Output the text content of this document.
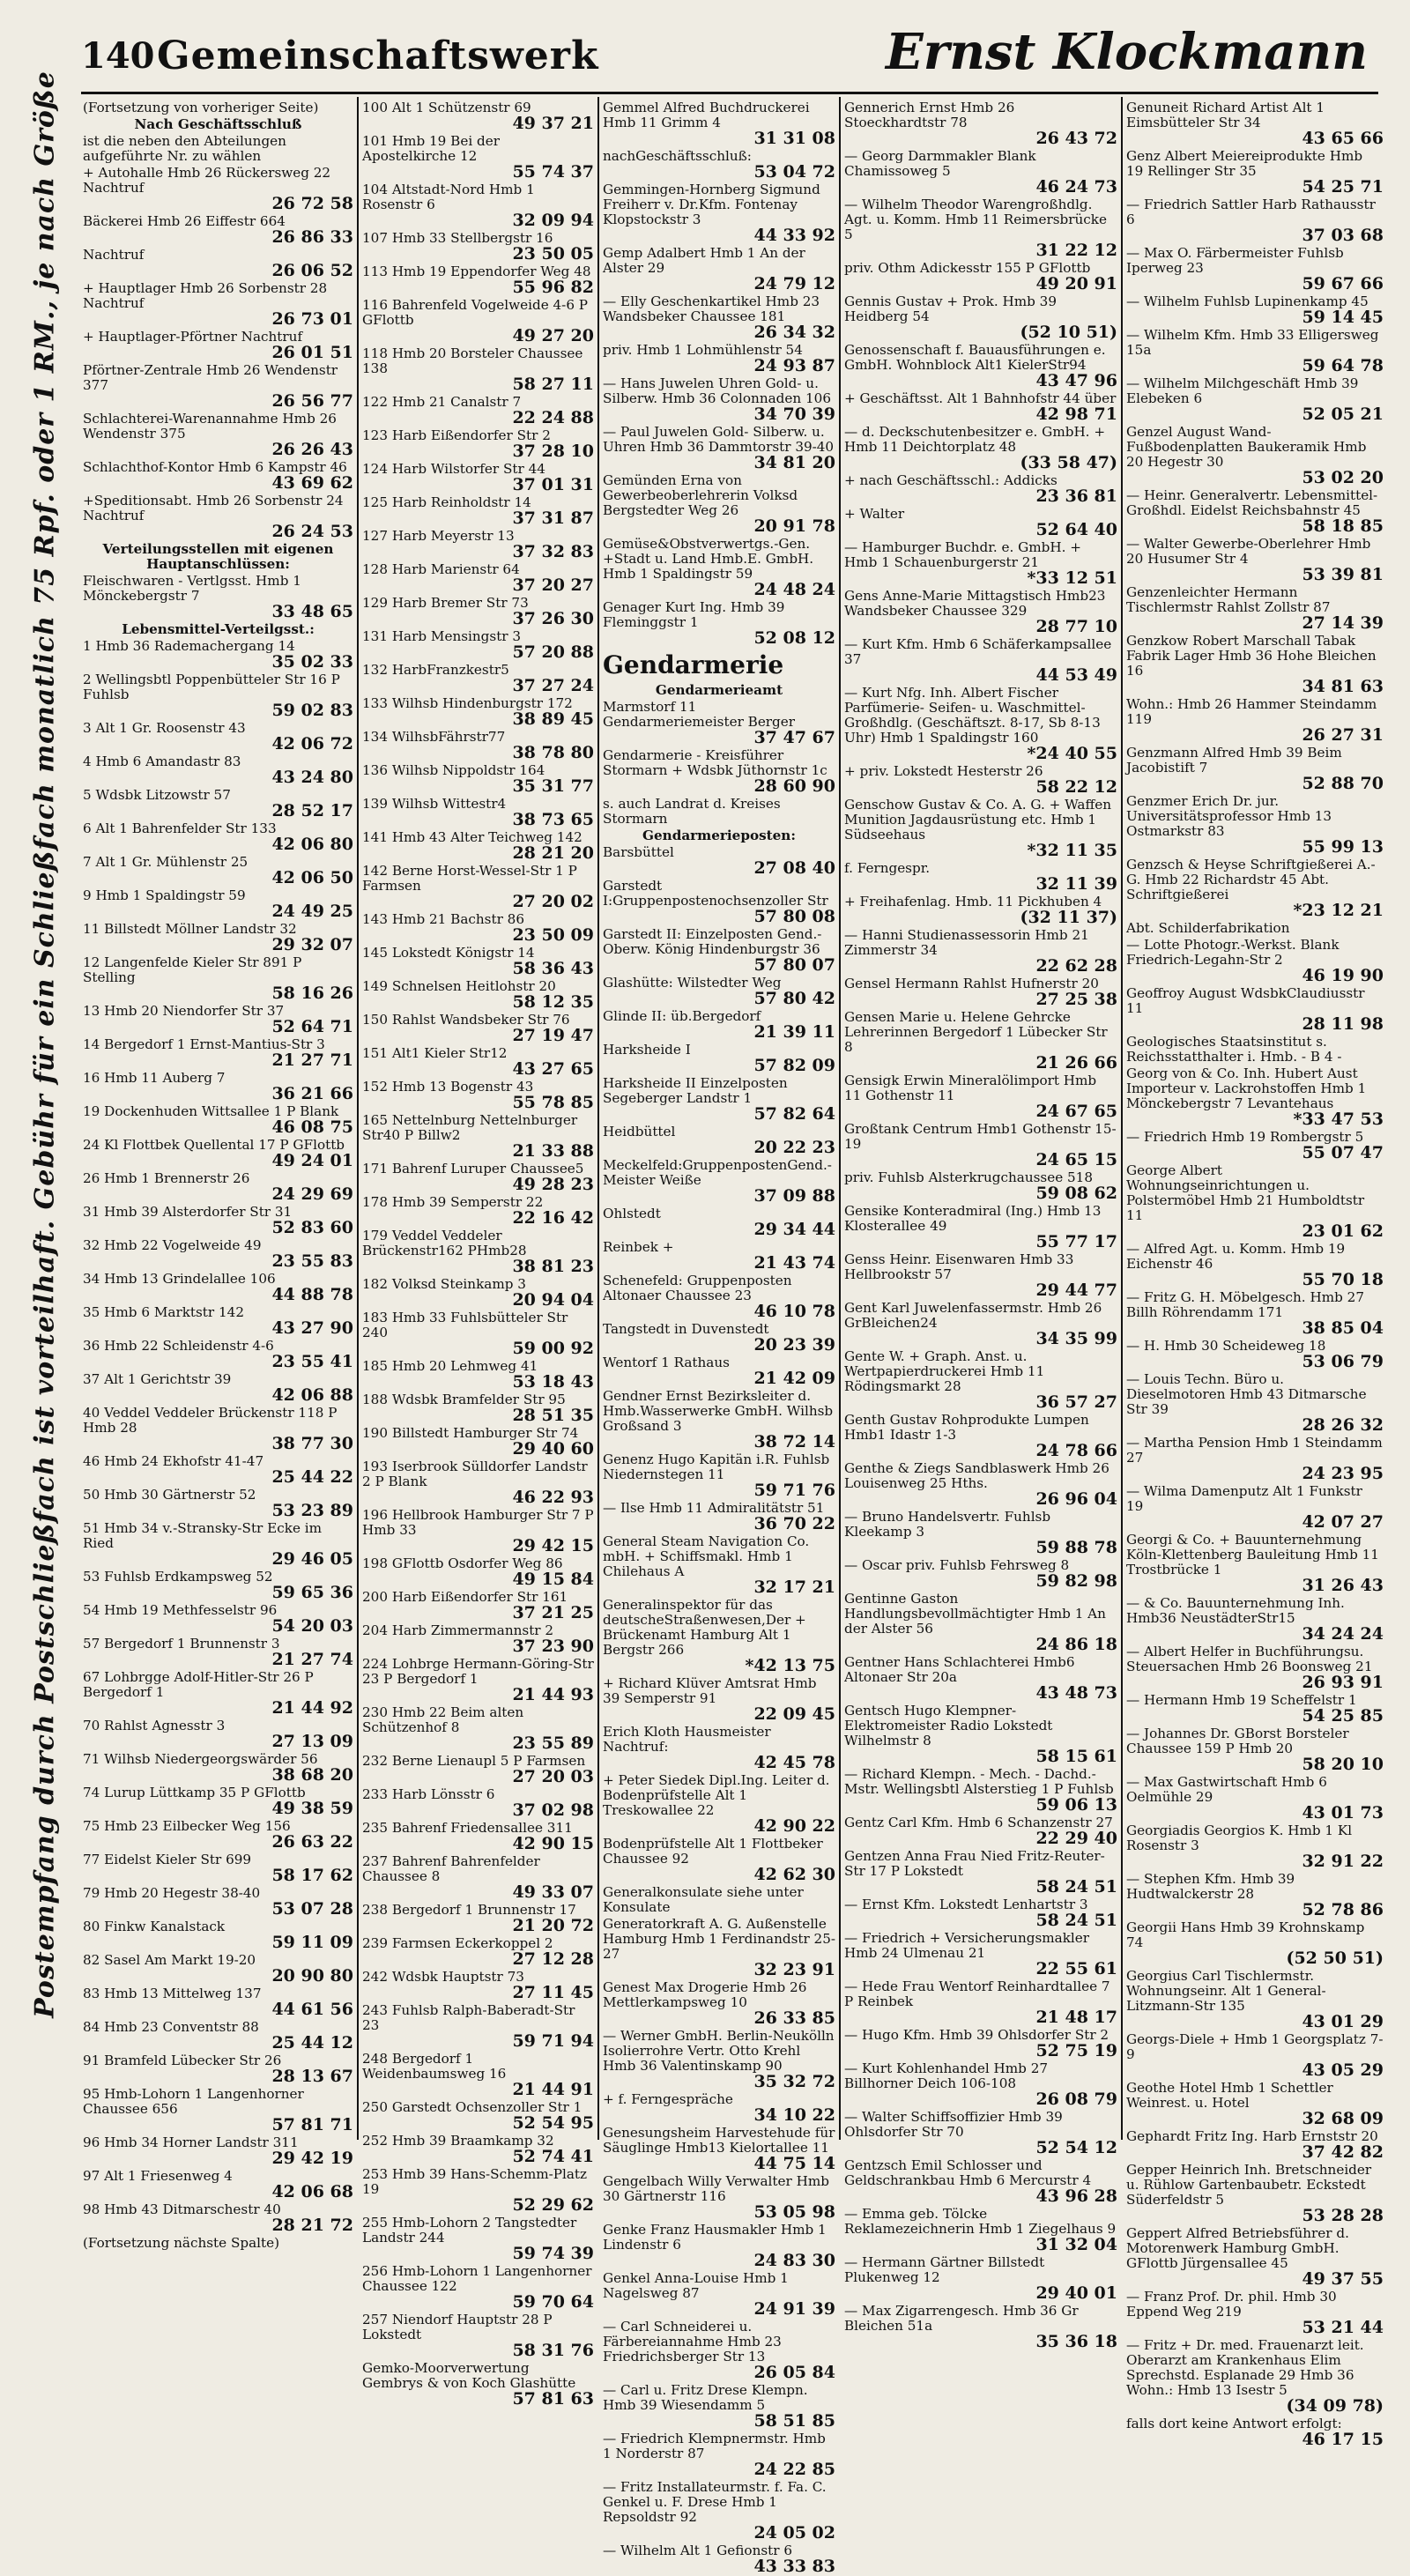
140 Gemeinschaftswerk	Ernst Klockmann
Postempfang durch Postschließfach ist vorteilhaft. Gebühr für ein Schließfach monatlich 75 Rpf. oder 1 RM., je nach Größe (Fortsetzung von vorheriger Seite)
Nach Geschäftsschluß
ist die neben den Abteilungen aufgeführte Nr. zu wählen
+ Autohalle Hmb 26 Rückersweg 22 Nachtruf
26 72 58
Bäckerei Hmb 26 Eiffestr 664
26 86 33
Nachtruf
26 06 52
+ Hauptlager Hmb 26 Sorbenstr 28 Nachtruf
26 73 01
+ Hauptlager-Pförtner Nachtruf
26 01 51
Pförtner-Zentrale Hmb 26 Wendenstr 377
26 56 77
Schlachterei-Warenannahme Hmb 26 Wendenstr 375
26 26 43
Schlachthof-Kontor Hmb 6 Kampstr 46
43 69 62
+Speditionsabt. Hmb 26 Sorbenstr 24 Nachtruf
26 24 53
Verteilungsstellen mit eigenen Hauptanschlüssen:
Fleischwaren - Vertlgsst. Hmb 1 Mönckebergstr 7
33 48 65
Lebensmittel-Verteilgsst.:
1 Hmb 36 Rademachergang 14
35 02 33
2 Wellingsbtl Poppenbütteler Str 16 P Fuhlsb
59 02 83
3 Alt 1 Gr. Roosenstr 43
42 06 72
4 Hmb 6 Amandastr 83
43 24 80
5 Wdsbk Litzowstr 57
28 52 17
6 Alt 1 Bahrenfelder Str 133
42 06 80
7 Alt 1 Gr. Mühlenstr 25
42 06 50
9 Hmb 1 Spaldingstr 59
24 49 25
11 Billstedt Möllner Landstr 32
29 32 07
12 Langenfelde Kieler Str 891 P Stelling
58 16 26
13 Hmb 20 Niendorfer Str 37
52 64 71
14 Bergedorf 1 Ernst-Mantius-Str 3
21 27 71
16 Hmb 11 Auberg 7
36 21 66
19 Dockenhuden Wittsallee 1 P Blank
46 08 75
24 Kl Flottbek Quellental 17 P GFlottb
49 24 01
26 Hmb 1 Brennerstr 26
24 29 69
31 Hmb 39 Alsterdorfer Str 31
52 83 60
32 Hmb 22 Vogelweide 49
23 55 83
34 Hmb 13 Grindelallee 106
44 88 78
35 Hmb 6 Marktstr 142
43 27 90
36 Hmb 22 Schleidenstr 4-6
23 55 41
37 Alt 1 Gerichtstr 39
42 06 88
40 Veddel Veddeler Brückenstr 118 P Hmb 28
38 77 30
46 Hmb 24 Ekhofstr 41-47
25 44 22
50 Hmb 30 Gärtnerstr 52
53 23 89
51 Hmb 34 v.-Stransky-Str Ecke im Ried
29 46 05
53 Fuhlsb Erdkampsweg 52
59 65 36
54 Hmb 19 Methfesselstr 96
54 20 03
57 Bergedorf 1 Brunnenstr 3
21 27 74
67 Lohbrgge Adolf-Hitler-Str 26 P Bergedorf 1
21 44 92
70 Rahlst Agnesstr 3
27 13 09
71 Wilhsb Niedergeorgswärder 56
38 68 20
74 Lurup Lüttkamp 35 P GFlottb
49 38 59
75 Hmb 23 Eilbecker Weg 156
26 63 22
77 Eidelst Kieler Str 699
58 17 62
79 Hmb 20 Hegestr 38-40
53 07 28
80 Finkw Kanalstack
59 11 09
82 Sasel Am Markt 19-20
20 90 80
83 Hmb 13 Mittelweg 137
44 61 56
84 Hmb 23 Conventstr 88
25 44 12
91 Bramfeld Lübecker Str 26
28 13 67
95 Hmb-Lohorn 1 Langenhorner Chaussee 656
57 81 71
96 Hmb 34 Horner Landstr 311
29 42 19
97 Alt 1 Friesenweg 4
42 06 68
98 Hmb 43 Ditmarschestr 40
28 21 72
(Fortsetzung nächste Spalte)
100 Alt 1 Schützenstr 69
49 37 21
101 Hmb 19 Bei der Apostelkirche 12
55 74 37
104 Altstadt-Nord Hmb 1 Rosenstr 6
32 09 94
107 Hmb 33 Stellbergstr 16
23 50 05
113 Hmb 19 Eppendorfer Weg 48
55 96 82
116 Bahrenfeld Vogelweide 4-6 P GFlottb
49 27 20
118 Hmb 20 Borsteler Chaussee 138
58 27 11
122 Hmb 21 Canalstr 7
22 24 88
123 Harb Eißendorfer Str 2
37 28 10
124 Harb Wilstorfer Str 44
37 01 31
125 Harb Reinholdstr 14
37 31 87
127 Harb Meyerstr 13
37 32 83
128 Harb Marienstr 64
37 20 27
129 Harb Bremer Str 73
37 26 30
131 Harb Mensingstr 3
57 20 88
132 HarbFranzkestr5
37 27 24
133 Wilhsb Hindenburgstr 172
38 89 45
134 WilhsbFährstr77
38 78 80
136 Wilhsb Nippoldstr 164
35 31 77
139 Wilhsb Wittestr4
38 73 65
141 Hmb 43 Alter Teichweg 142
28 21 20
142 Berne Horst-Wessel-Str 1 P Farmsen
27 20 02
143 Hmb 21 Bachstr 86
23 50 09
145 Lokstedt Königstr 14
58 36 43
149 Schnelsen Heitlohstr 20
58 12 35
150 Rahlst Wandsbeker Str 76
27 19 47
151 Alt1 Kieler Str12
43 27 65
152 Hmb 13 Bogenstr 43
55 78 85
165 Nettelnburg Nettelnburger Str40 P Billw2
21 33 88
171 Bahrenf Luruper Chaussee5
49 28 23
178 Hmb 39 Semperstr 22
22 16 42
179 Veddel Veddeler Brückenstr162 PHmb28
38 81 23
182 Volksd Steinkamp 3
20 94 04
183 Hmb 33 Fuhlsbütteler Str 240
59 00 92
185 Hmb 20 Lehmweg 41
53 18 43
188 Wdsbk Bramfelder Str 95
28 51 35
190 Billstedt Hamburger Str 74
29 40 60
193 Iserbrook Sülldorfer Landstr 2 P Blank
46 22 93
196 Hellbrook Hamburger Str 7 P Hmb 33
29 42 15
198 GFlottb Osdorfer Weg 86
49 15 84
200 Harb Eißendorfer Str 161
37 21 25
204 Harb Zimmermannstr 2
37 23 90
224 Lohbrge Hermann-Göring-Str 23 P Bergedorf 1
21 44 93
230 Hmb 22 Beim alten Schützenhof 8
23 55 89
232 Berne Lienaupl 5 P Farmsen
27 20 03
233 Harb Lönsstr 6
37 02 98
235 Bahrenf Friedensallee 311
42 90 15
237 Bahrenf Bahrenfelder Chaussee 8
49 33 07
238 Bergedorf 1 Brunnenstr 17
21 20 72
239 Farmsen Eckerkoppel 2
27 12 28
242 Wdsbk Hauptstr 73
27 11 45
243 Fuhlsb Ralph-Baberadt-Str 23
59 71 94
248 Bergedorf 1 Weidenbaumsweg 16
21 44 91
250 Garstedt Ochsenzoller Str 1
52 54 95
252 Hmb 39 Braamkamp 32
52 74 41
253 Hmb 39 Hans-Schemm-Platz 19
52 29 62
255 Hmb-Lohorn 2 Tangstedter Landstr 244
59 74 39
256 Hmb-Lohorn 1 Langenhorner Chaussee 122
59 70 64
257 Niendorf Hauptstr 28 P Lokstedt
58 31 76
Gemko-Moorverwertung Gembrys & von Koch Glashütte
57 81 63
Gemmel Alfred Buchdruckerei Hmb 11 Grimm 4
31 31 08
nachGeschäftsschluß:
53 04 72
Gemmingen-Hornberg Sigmund Freiherr v. Dr.Kfm. Fontenay Klopstockstr 3
44 33 92
Gemp Adalbert Hmb 1 An der Alster 29
24 79 12
— Elly Geschenkartikel Hmb 23 Wandsbeker Chaussee 181
26 34 32
priv. Hmb 1 Lohmühlenstr 54
24 93 87
— Hans Juwelen Uhren Gold- u. Silberw. Hmb 36 Colonnaden 106
34 70 39
— Paul Juwelen Gold- Silberw. u. Uhren Hmb 36 Dammtorstr 39-40
34 81 20
Gemünden Erna von Gewerbeoberlehrerin Volksd Bergstedter Weg 26
20 91 78
Gemüse&Obstverwertgs.-Gen. +Stadt u. Land Hmb.E. GmbH. Hmb 1 Spaldingstr 59
24 48 24
Genager Kurt Ing. Hmb 39 Fleminggstr 1
52 08 12
Gendarmerie
Gendarmerieamt
Marmstorf 11 Gendarmeriemeister Berger
37 47 67
Gendarmerie - Kreisführer Stormarn + Wdsbk Jüthornstr 1c
28 60 90
s. auch Landrat d. Kreises Stormarn
Gendarmerieposten:
Barsbüttel
27 08 40
Garstedt I:Gruppenpostenochsenzoller Str
57 80 08
Garstedt II: Einzelposten Gend.-Oberw. König Hindenburgstr 36
57 80 07
Glashütte: Wilstedter Weg
57 80 42
Glinde II: üb.Bergedorf
21 39 11
Harksheide I
57 82 09
Harksheide II Einzelposten Segeberger Landstr 1
57 82 64
Heidbüttel
20 22 23
Meckelfeld:GruppenpostenGend.-Meister Weiße
37 09 88
Ohlstedt
29 34 44
Reinbek +
21 43 74
Schenefeld: Gruppenposten Altonaer Chaussee 23
46 10 78
Tangstedt in Duvenstedt
20 23 39
Wentorf 1 Rathaus
21 42 09
Gendner Ernst Bezirksleiter d. Hmb.Wasserwerke GmbH. Wilhsb Großsand 3
38 72 14
Genenz Hugo Kapitän i.R. Fuhlsb Niedernstegen 11
59 71 76
— Ilse Hmb 11 Admiralitätstr 51
36 70 22
General Steam Navigation Co. mbH. + Schiffsmakl. Hmb 1 Chilehaus A
32 17 21
Generalinspektor für das deutscheStraßenwesen,Der + Brückenamt Hamburg Alt 1 Bergstr 266
*42 13 75
+ Richard Klüver Amtsrat Hmb 39 Semperstr 91
22 09 45
Erich Kloth Hausmeister Nachtruf:
42 45 78
+ Peter Siedek Dipl.Ing. Leiter d. Bodenprüfstelle Alt 1 Treskowallee 22
42 90 22
Bodenprüfstelle Alt 1 Flottbeker Chaussee 92
42 62 30
Generalkonsulate siehe unter Konsulate
Generatorkraft A. G. Außenstelle Hamburg Hmb 1 Ferdinandstr 25-27
32 23 91
Genest Max Drogerie Hmb 26 Mettlerkampsweg 10
26 33 85
— Werner GmbH. Berlin-Neukölln Isolierrohre Vertr. Otto Krehl Hmb 36 Valentinskamp 90
35 32 72
+ f. Ferngespräche
34 10 22
Genesungsheim Harvestehude für Säuglinge Hmb13 Kielortallee 11
44 75 14
Gengelbach Willy Verwalter Hmb 30 Gärtnerstr 116
53 05 98
Genke Franz Hausmakler Hmb 1 Lindenstr 6
24 83 30
Genkel Anna-Louise Hmb 1 Nagelsweg 87
24 91 39
— Carl Schneiderei u. Färbereiannahme Hmb 23 Friedrichsberger Str 13
26 05 84
— Carl u. Fritz Drese Klempn. Hmb 39 Wiesendamm 5
58 51 85
— Friedrich Klempnermstr. Hmb 1 Norderstr 87
24 22 85
— Fritz Installateurmstr. f. Fa. C. Genkel u. F. Drese Hmb 1 Repsoldstr 92
24 05 02
— Wilhelm Alt 1 Gefionstr 6
43 33 83
Gennerich Ernst Hmb 26 Stoeckhardtstr 78
26 43 72
— Georg Darmmakler Blank Chamissoweg 5
46 24 73
— Wilhelm Theodor Warengroßhdlg. Agt. u. Komm. Hmb 11 Reimersbrücke 5
31 22 12
priv. Othm Adickesstr 155 P GFlottb
49 20 91
Gennis Gustav + Prok. Hmb 39 Heidberg 54
(52 10 51)
Genossenschaft f. Bauausführungen e. GmbH. Wohnblock Alt1 KielerStr94
43 47 96
+ Geschäftsst. Alt 1 Bahnhofstr 44 über
42 98 71
— d. Deckschutenbesitzer e. GmbH. + Hmb 11 Deichtorplatz 48
(33 58 47)
+ nach Geschäftsschl.: Addicks
23 36 81
+ Walter
52 64 40
— Hamburger Buchdr. e. GmbH. + Hmb 1 Schauenburgerstr 21
*33 12 51
Gens Anne-Marie Mittagstisch Hmb23 Wandsbeker Chaussee 329
28 77 10
— Kurt Kfm. Hmb 6 Schäferkampsallee 37
44 53 49
— Kurt Nfg. Inh. Albert Fischer Parfümerie- Seifen- u. Waschmittel-Großhdlg. (Geschäftszt. 8-17, Sb 8-13 Uhr) Hmb 1 Spaldingstr 160
*24 40 55
+ priv. Lokstedt Hesterstr 26
58 22 12
Genschow Gustav & Co. A. G. + Waffen Munition Jagdausrüstung etc. Hmb 1 Südseehaus
*32 11 35
f. Ferngespr.
32 11 39
+ Freihafenlag. Hmb. 11 Pickhuben 4
(32 11 37)
— Hanni Studienassessorin Hmb 21 Zimmerstr 34
22 62 28
Gensel Hermann Rahlst Hufnerstr 20
27 25 38
Gensen Marie u. Helene Gehrcke Lehrerinnen Bergedorf 1 Lübecker Str 8
21 26 66
Gensigk Erwin Mineralölimport Hmb 11 Gothenstr 11
24 67 65
Großtank Centrum Hmb1 Gothenstr 15-19
24 65 15
priv. Fuhlsb Alsterkrugchaussee 518
59 08 62
Gensike Konteradmiral (Ing.) Hmb 13 Klosterallee 49
55 77 17
Genss Heinr. Eisenwaren Hmb 33 Hellbrookstr 57
29 44 77
Gent Karl Juwelenfassermstr. Hmb 26 GrBleichen24
34 35 99
Gente W. + Graph. Anst. u. Wertpapierdruckerei Hmb 11 Rödingsmarkt 28
36 57 27
Genth Gustav Rohprodukte Lumpen Hmb1 Idastr 1-3
24 78 66
Genthe & Ziegs Sandblaswerk Hmb 26 Louisenweg 25 Hths.
26 96 04
— Bruno Handelsvertr. Fuhlsb Kleekamp 3
59 88 78
— Oscar priv. Fuhlsb Fehrsweg 8
59 82 98
Gentinne Gaston Handlungsbevollmächtigter Hmb 1 An der Alster 56
24 86 18
Gentner Hans Schlachterei Hmb6 Altonaer Str 20a
43 48 73
Gentsch Hugo Klempner-Elektromeister Radio Lokstedt Wilhelmstr 8
58 15 61
— Richard Klempn. - Mech. - Dachd.-Mstr. Wellingsbtl Alsterstieg 1 P Fuhlsb
59 06 13
Gentz Carl Kfm. Hmb 6 Schanzenstr 27
22 29 40
Gentzen Anna Frau Nied Fritz-Reuter-Str 17 P Lokstedt
58 24 51
— Ernst Kfm. Lokstedt Lenhartstr 3
58 24 51
— Friedrich + Versicherungsmakler Hmb 24 Ulmenau 21
22 55 61
— Hede Frau Wentorf Reinhardtallee 7 P Reinbek
21 48 17
— Hugo Kfm. Hmb 39 Ohlsdorfer Str 2
52 75 19
— Kurt Kohlenhandel Hmb 27 Billhorner Deich 106-108
26 08 79
— Walter Schiffsoffizier Hmb 39 Ohlsdorfer Str 70
52 54 12
Gentzsch Emil Schlosser und Geldschrankbau Hmb 6 Mercurstr 4
43 96 28
— Emma geb. Tölcke Reklamezeichnerin Hmb 1 Ziegelhaus 9
31 32 04
— Hermann Gärtner Billstedt Plukenweg 12
29 40 01
— Max Zigarrengesch. Hmb 36 Gr Bleichen 51a
35 36 18
Genuneit Richard Artist Alt 1 Eimsbütteler Str 34
43 65 66
Genz Albert Meiereiprodukte Hmb 19 Rellinger Str 35
54 25 71
— Friedrich Sattler Harb Rathausstr 6
37 03 68
— Max O. Färbermeister Fuhlsb Iperweg 23
59 67 66
— Wilhelm Fuhlsb Lupinenkamp 45
59 14 45
— Wilhelm Kfm. Hmb 33 Elligersweg 15a
59 64 78
— Wilhelm Milchgeschäft Hmb 39 Elebeken 6
52 05 21
Genzel August Wand- Fußbodenplatten Baukeramik Hmb 20 Hegestr 30
53 02 20
— Heinr. Generalvertr. Lebensmittel-Großhdl. Eidelst Reichsbahnstr 45
58 18 85
— Walter Gewerbe-Oberlehrer Hmb 20 Husumer Str 4
53 39 81
Genzenleichter Hermann Tischlermstr Rahlst Zollstr 87
27 14 39
Genzkow Robert Marschall Tabak Fabrik Lager Hmb 36 Hohe Bleichen 16
34 81 63
Wohn.: Hmb 26 Hammer Steindamm 119
26 27 31
Genzmann Alfred Hmb 39 Beim Jacobistift 7
52 88 70
Genzmer Erich Dr. jur. Universitätsprofessor Hmb 13 Ostmarkstr 83
55 99 13
Genzsch & Heyse Schriftgießerei A.-G. Hmb 22 Richardstr 45 Abt. Schriftgießerei
*23 12 21
Abt. Schilderfabrikation
— Lotte Photogr.-Werkst. Blank Friedrich-Legahn-Str 2
46 19 90
Geoffroy August WdsbkClaudiusstr 11
28 11 98
Geologisches Staatsinstitut s. Reichsstatthalter i. Hmb. - B 4 -
Georg von & Co. Inh. Hubert Aust Importeur v. Lackrohstoffen Hmb 1 Mönckebergstr 7 Levantehaus
*33 47 53
— Friedrich Hmb 19 Rombergstr 5
55 07 47
George Albert Wohnungseinrichtungen u. Polstermöbel Hmb 21 Humboldtstr 11
23 01 62
— Alfred Agt. u. Komm. Hmb 19 Eichenstr 46
55 70 18
— Fritz G. H. Möbelgesch. Hmb 27 Billh Röhrendamm 171
38 85 04
— H. Hmb 30 Scheideweg 18
53 06 79
— Louis Techn. Büro u. Dieselmotoren Hmb 43 Ditmarsche Str 39
28 26 32
— Martha Pension Hmb 1 Steindamm 27
24 23 95
— Wilma Damenputz Alt 1 Funkstr 19
42 07 27
Georgi & Co. + Bauunternehmung Köln-Klettenberg Bauleitung Hmb 11 Trostbrücke 1
31 26 43
— & Co. Bauunternehmung Inh. Hmb36 NeustädterStr15
34 24 24
— Albert Helfer in Buchführungsu. Steuersachen Hmb 26 Boonsweg 21
26 93 91
— Hermann Hmb 19 Scheffelstr 1
54 25 85
— Johannes Dr. GBorst Borsteler Chaussee 159 P Hmb 20
58 20 10
— Max Gastwirtschaft Hmb 6 Oelmühle 29
43 01 73
Georgiadis Georgios K. Hmb 1 Kl Rosenstr 3
32 91 22
— Stephen Kfm. Hmb 39 Hudtwalckerstr 28
52 78 86
Georgii Hans Hmb 39 Krohnskamp 74
(52 50 51)
Georgius Carl Tischlermstr. Wohnungseinr. Alt 1 General-Litzmann-Str 135
43 01 29
Georgs-Diele + Hmb 1 Georgsplatz 7-9
43 05 29
Geothe Hotel Hmb 1 Schettler Weinrest. u. Hotel
32 68 09
Gephardt Fritz Ing. Harb Ernststr 20
37 42 82
Gepper Heinrich Inh. Bretschneider u. Rühlow Gartenbaubetr. Eckstedt Süderfeldstr 5
53 28 28
Geppert Alfred Betriebsführer d. Motorenwerk Hamburg GmbH. GFlottb Jürgensallee 45
49 37 55
— Franz Prof. Dr. phil. Hmb 30 Eppend Weg 219
53 21 44
— Fritz + Dr. med. Frauenarzt leit. Oberarzt am Krankenhaus Elim Sprechstd. Esplanade 29 Hmb 36 Wohn.: Hmb 13 Isestr 5
(34 09 78)
falls dort keine Antwort erfolgt:
46 17 15
